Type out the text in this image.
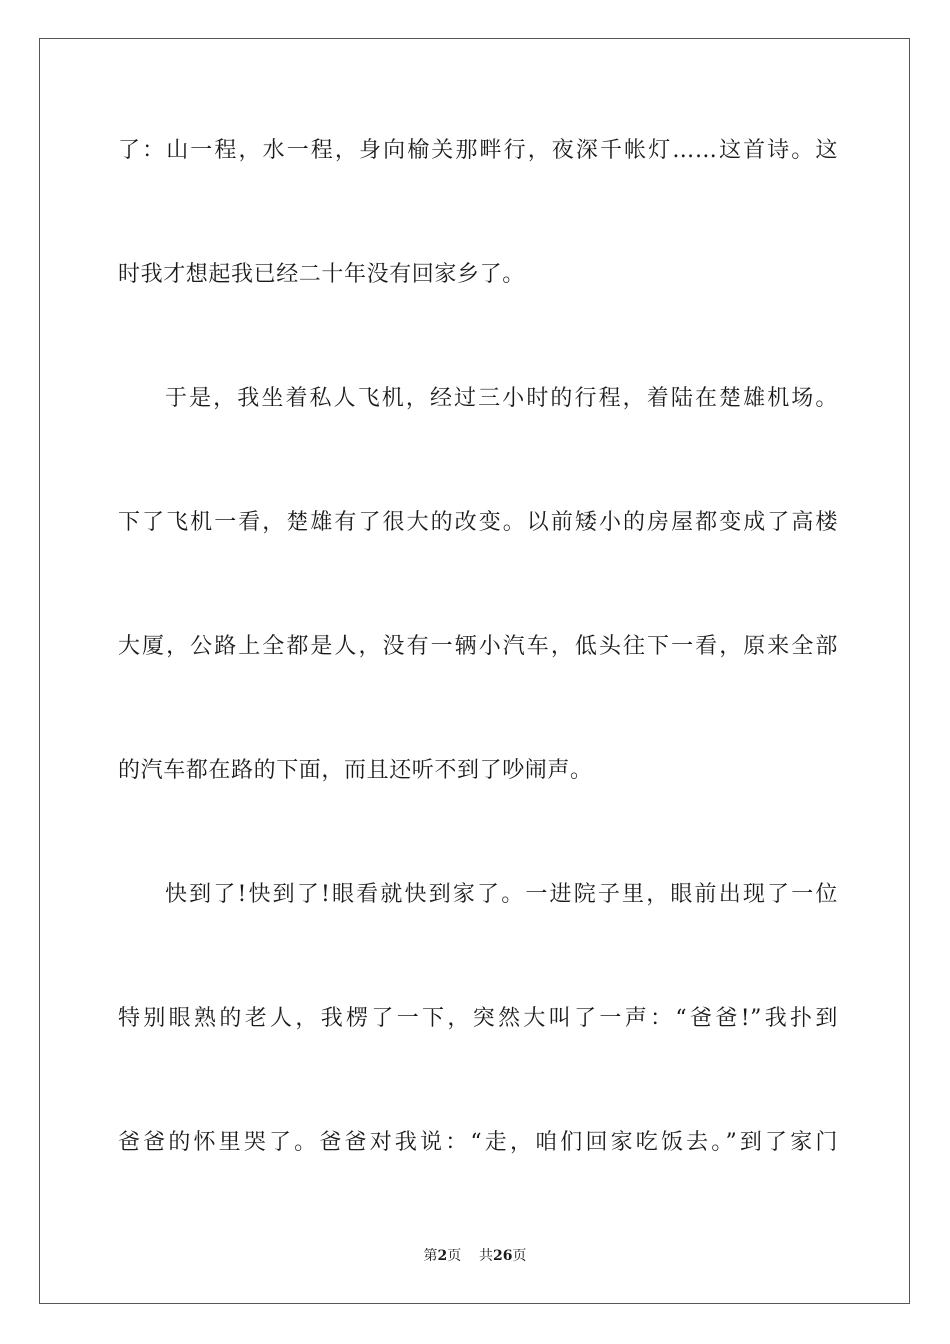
了：山一程，水一程，身向榆关那畔行，夜深千帐灯……这首诗。这
时我才想起我已经二十年没有回家乡了。
于是，我坐着私人飞机，经过三小时的行程，着陆在楚雄机场。
下了飞机一看，楚雄有了很大的改变。以前矮小的房屋都变成了高楼
大厦，公路上全都是人，没有一辆小汽车，低头往下一看，原来全部
的汽车都在路的下面，而且还听不到了吵闹声。
快到了!快到了!眼看就快到家了。一进院子里，眼前出现了一位
特别眼熟的老人，我楞了一下，突然大叫了一声：“爸爸!”我扑到
爸爸的怀里哭了。爸爸对我说：“走，咱们回家吃饭去。”到了家门
第2页 共26页
